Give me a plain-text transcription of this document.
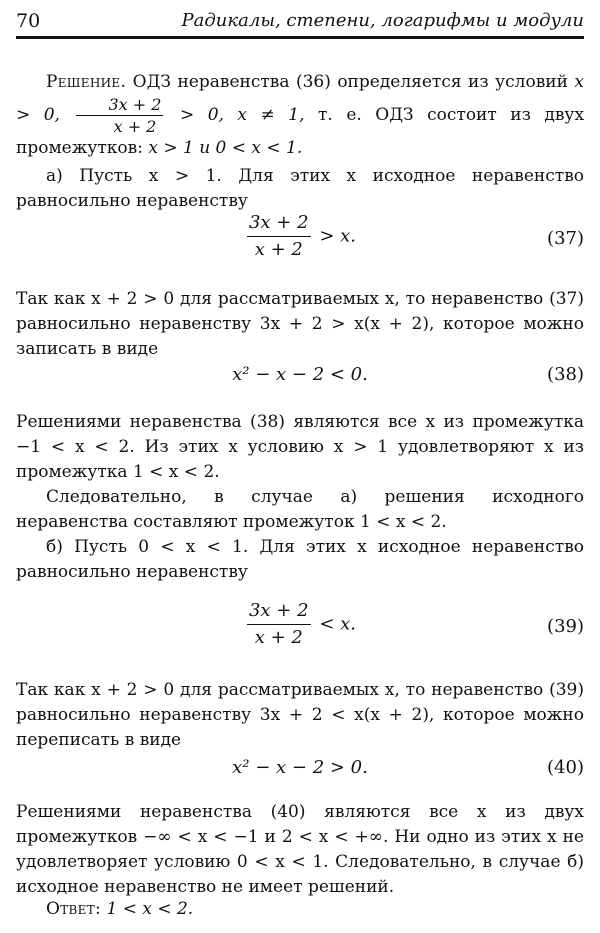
70	Радикалы, степени, логарифмы и модули
Решение. ОДЗ неравенства (36) определяется из условий x > 0, $\frac{3x + 2}{x + 2} > 0$, x ≠ 1, т. е. ОДЗ состоит из двух промежутков: x > 1 и 0 < x < 1.
а) Пусть x > 1. Для этих x исходное неравенство равносильно неравенству
$\frac{3x + 2}{x + 2} > x$.	(37)
Так как x + 2 > 0 для рассматриваемых x, то неравенство (37) равносильно неравенству 3x + 2 > x(x + 2), которое можно записать в виде
x² − x − 2 < 0.	(38)
Решениями неравенства (38) являются все x из промежутка −1 < x < 2. Из этих x условию x > 1 удовлетворяют x из промежутка 1 < x < 2.
Следовательно, в случае а) решения исходного неравенства составляют промежуток 1 < x < 2.
б) Пусть 0 < x < 1. Для этих x исходное неравенство равносильно неравенству
$\frac{3x + 2}{x + 2} < x$.	(39)
Так как x + 2 > 0 для рассматриваемых x, то неравенство (39) равносильно неравенству 3x + 2 < x(x + 2), которое можно переписать в виде
x² − x − 2 > 0.	(40)
Решениями неравенства (40) являются все x из двух промежутков −∞ < x < −1 и 2 < x < +∞. Ни одно из этих x не удовлетворяет условию 0 < x < 1. Следовательно, в случае б) исходное неравенство не имеет решений.
Ответ: 1 < x < 2.
